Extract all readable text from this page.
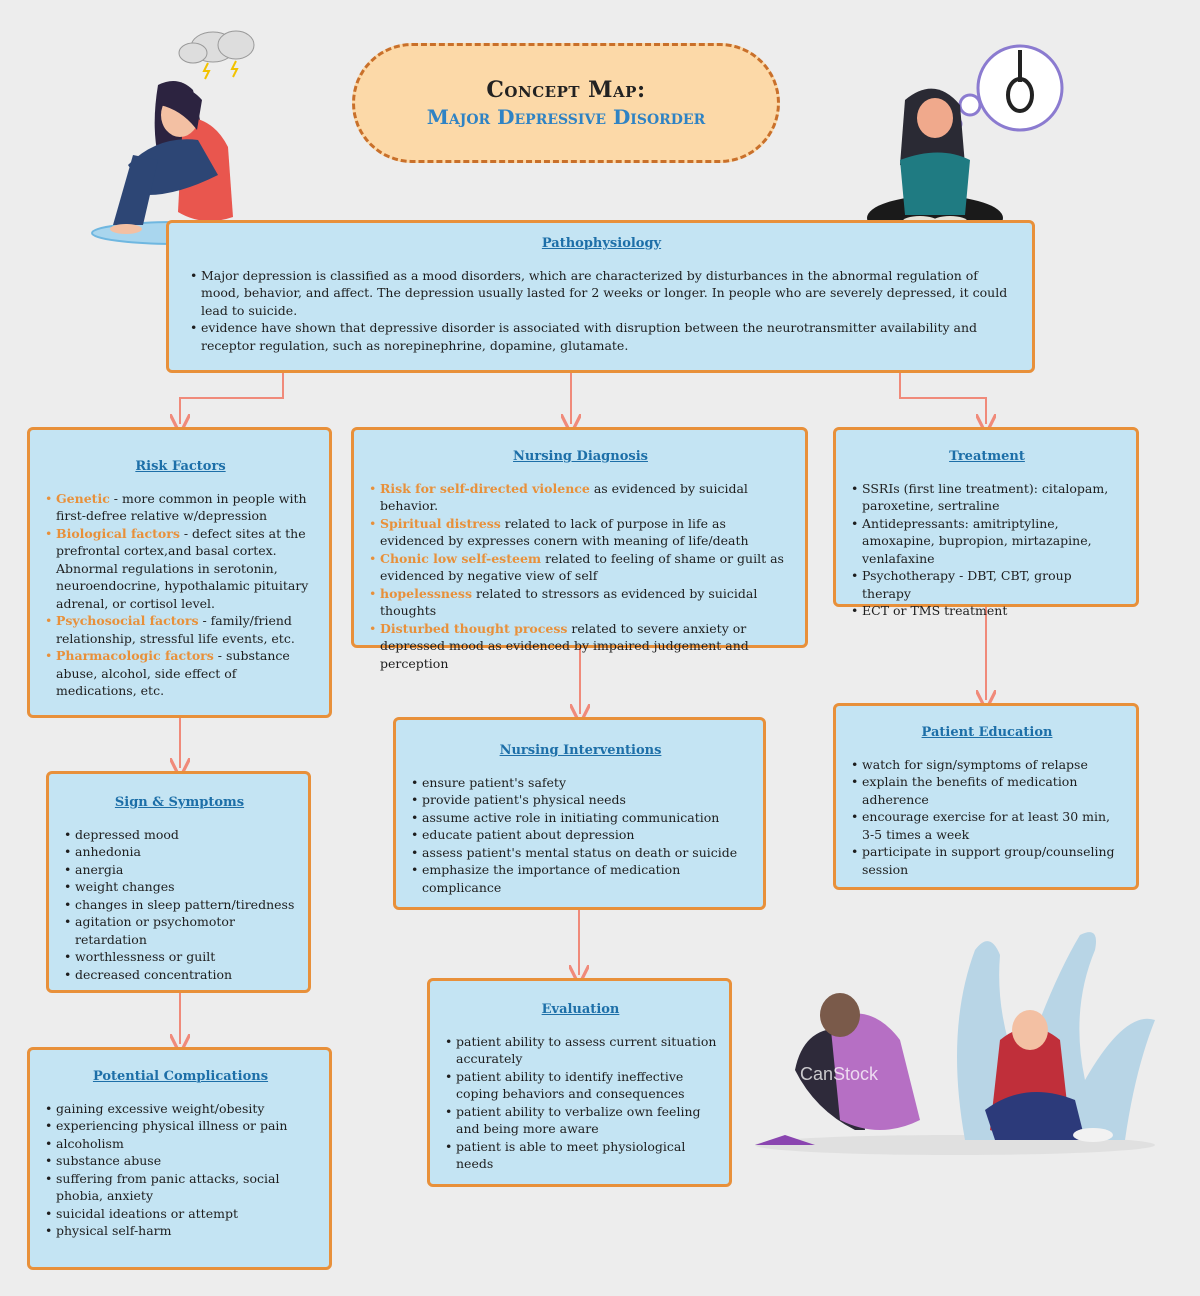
Concept Map:
Major Depressive Disorder
CanStock
Pathophysiology
• Major depression is classified as a mood disorders, which are characterized by disturbances in the abnormal regulation of mood, behavior, and affect. The depression usually lasted for 2 weeks or longer. In people who are severely depressed, it could lead to suicide.
• evidence have shown that depressive disorder is associated with disruption between the neurotransmitter availability and receptor regulation, such as norepinephrine, dopamine, glutamate.
Risk Factors
• Genetic - more common in people with first-defree relative w/depression
• Biological factors - defect sites at the prefrontal cortex,and basal cortex. Abnormal regulations in serotonin, neuroendocrine, hypothalamic pituitary adrenal, or cortisol level.
• Psychosocial factors - family/friend relationship, stressful life events, etc.
• Pharmacologic factors - substance abuse, alcohol, side effect of medications, etc.
Nursing Diagnosis
• Risk for self-directed violence as evidenced by suicidal behavior.
• Spiritual distress related to lack of purpose in life as evidenced by expresses conern with meaning of life/death
• Chonic low self-esteem related to feeling of shame or guilt as evidenced by negative view of self
• hopelessness related to stressors as evidenced by suicidal thoughts
• Disturbed thought process related to severe anxiety or depressed mood as evidenced by impaired judgement and perception
Treatment
• SSRIs (first line treatment): citalopam, paroxetine, sertraline
• Antidepressants: amitriptyline, amoxapine, bupropion, mirtazapine, venlafaxine
• Psychotherapy - DBT, CBT, group therapy
• ECT or TMS treatment
Sign & Symptoms
• depressed mood
• anhedonia
• anergia
• weight changes
• changes in sleep pattern/tiredness
• agitation or psychomotor retardation
• worthlessness or guilt
• decreased concentration
Nursing Interventions
• ensure patient's safety
• provide patient's physical needs
• assume active role in initiating communication
• educate patient about depression
• assess patient's mental status on death or suicide
• emphasize the importance of medication complicance
Patient Education
• watch for sign/symptoms of relapse
• explain the benefits of medication adherence
• encourage exercise for at least 30 min, 3-5 times a week
• participate in support group/counseling session
Potential Complications
• gaining excessive weight/obesity
• experiencing physical illness or pain
• alcoholism
• substance abuse
• suffering from panic attacks, social phobia, anxiety
• suicidal ideations or attempt
• physical self-harm
Evaluation
• patient ability to assess current situation accurately
• patient ability to identify ineffective coping behaviors and consequences
• patient ability to verbalize own feeling and being more aware
• patient is able to meet physiological needs
